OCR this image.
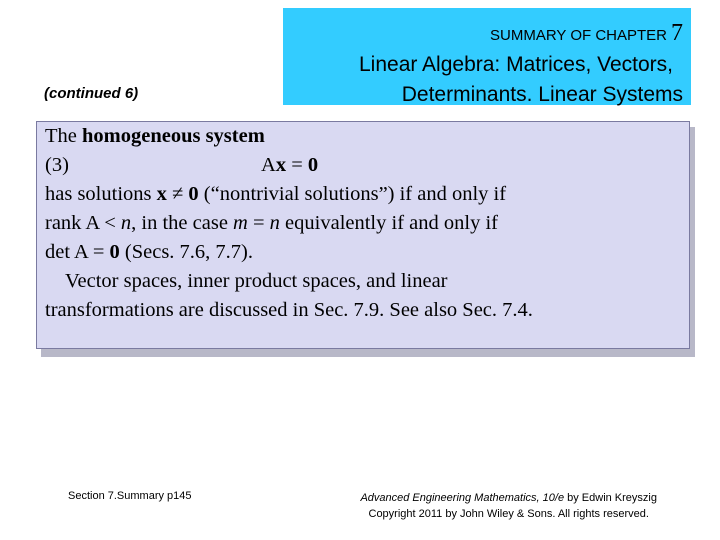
SUMMARY OF CHAPTER 7
Linear Algebra: Matrices, Vectors,
Determinants. Linear Systems
(continued 6)
The homogeneous system
(3)	Ax = 0
has solutions x ≠ 0 (“nontrivial solutions”) if and only if
rank A < n, in the case m = n equivalently if and only if
det A = 0 (Secs. 7.6, 7.7).
Vector spaces, inner product spaces, and linear
transformations are discussed in Sec. 7.9. See also Sec. 7.4.
Section 7.Summary p145	Advanced Engineering Mathematics, 10/e by Edwin Kreyszig
Copyright 2011 by John Wiley & Sons. All rights reserved.
